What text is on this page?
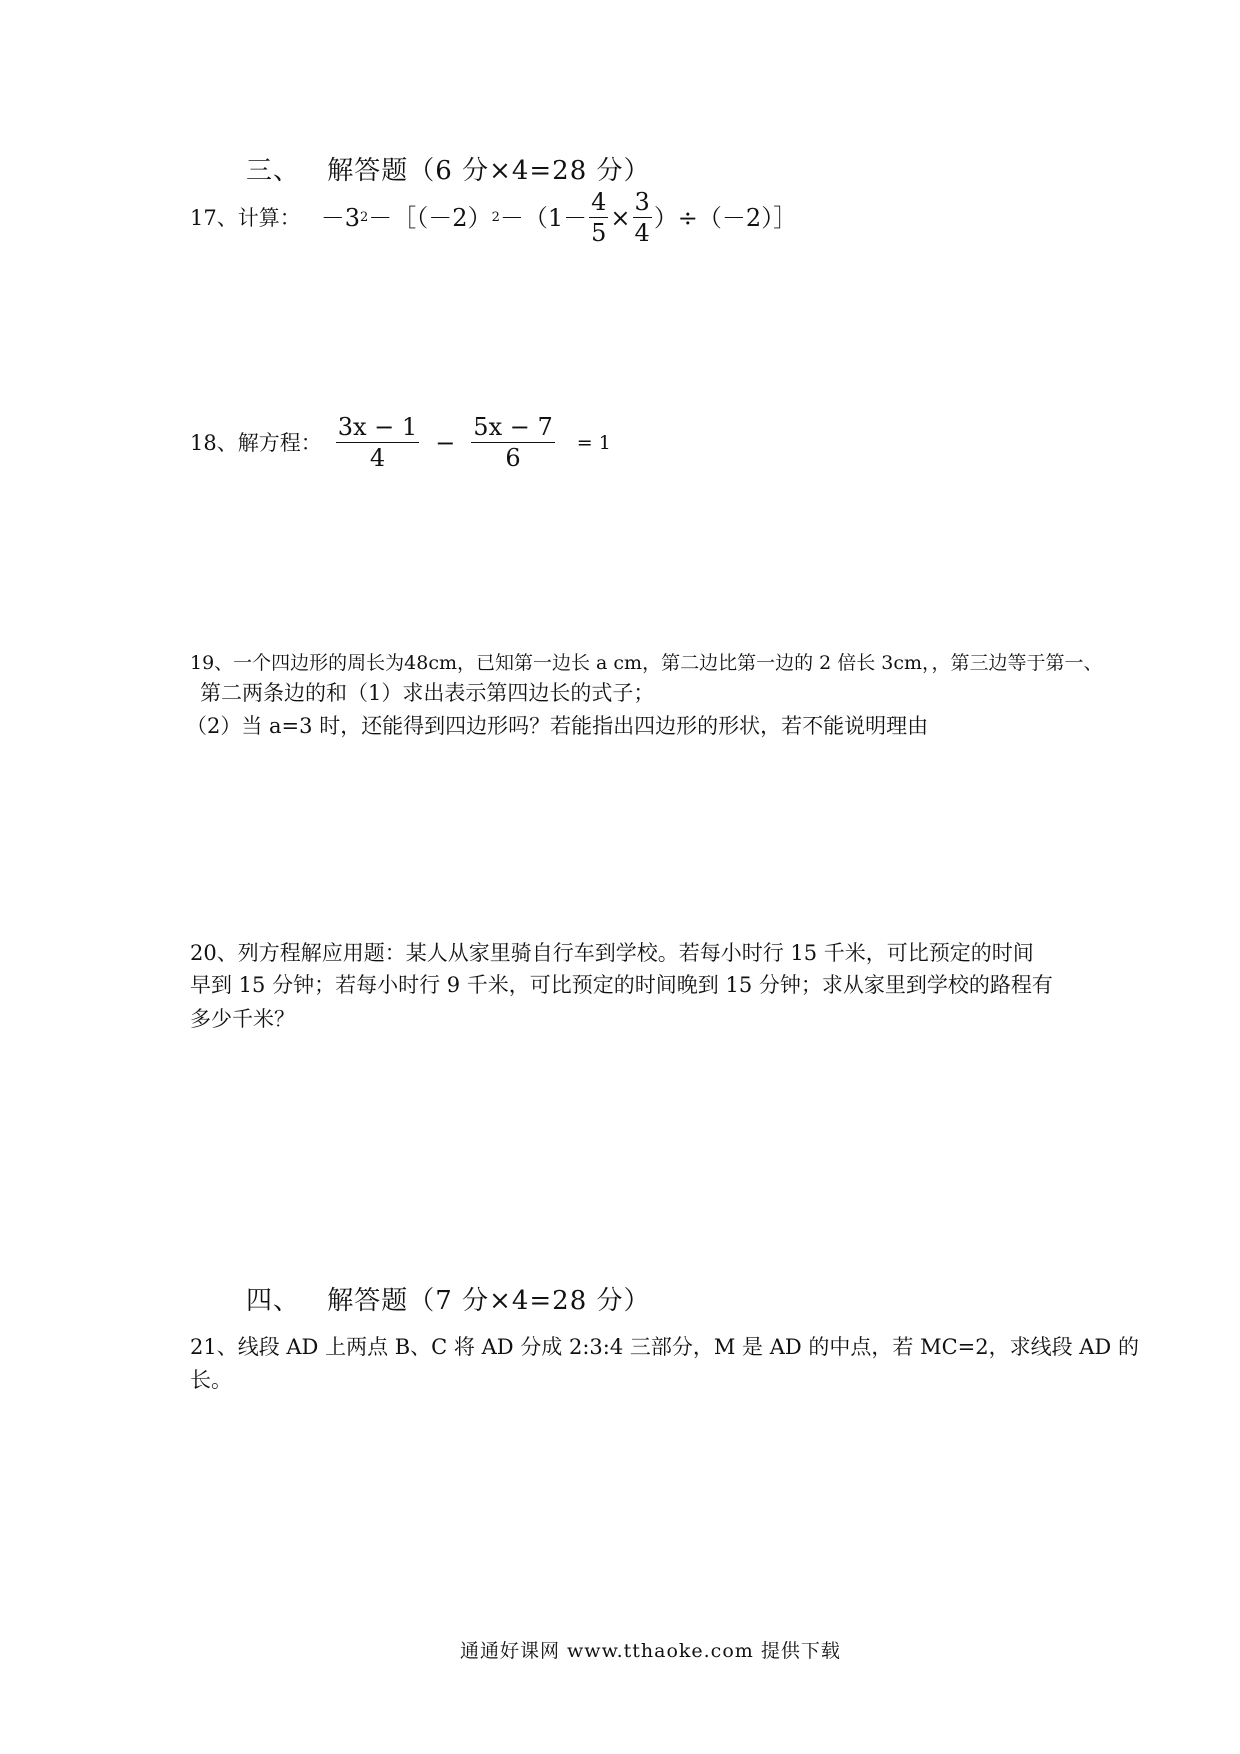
三、 解答题（6 分×4=28 分）
17、计算： －3 2 －［（－2） $2 -(1- \frac{4}{5} \times \frac{3}{4}$ ）÷（－2）］
18、解方程： $\frac{3x - 1}{4} - \frac{5x - 7}{6} = 1$
19、一个四边形的周长为48cm，已知第一边长 a cm，第二边比第一边的 2 倍长 3cm，，第三边等于第一、
第二两条边的和（1）求出表示第四边长的式子；
（2）当 a=3 时，还能得到四边形吗？若能指出四边形的形状，若不能说明理由
20、列方程解应用题：某人从家里骑自行车到学校。若每小时行 15 千米，可比预定的时间
早到 15 分钟；若每小时行 9 千米，可比预定的时间晚到 15 分钟；求从家里到学校的路程有
多少千米？
四、 解答题（7 分×4=28 分）
21、线段 AD 上两点 B、C 将 AD 分成 2:3:4 三部分，M 是 AD 的中点，若 MC=2，求线段 AD 的
长。
通通好课网 www.tthaoke.com 提供下载
